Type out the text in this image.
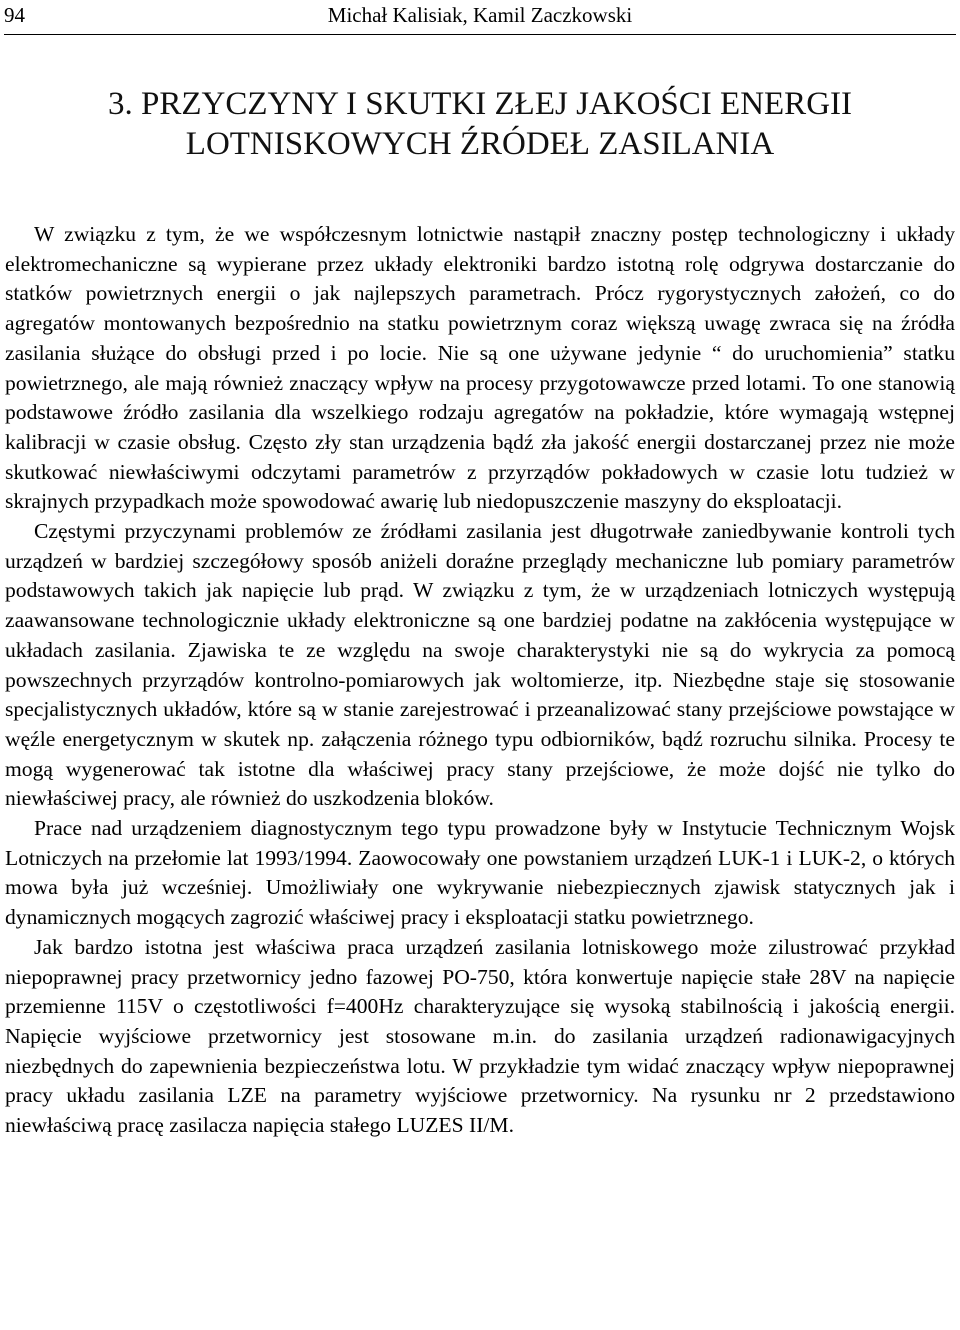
94	Michał Kalisiak, Kamil Zaczkowski
3. PRZYCZYNY I SKUTKI ZŁEJ JAKOŚCI ENERGII
LOTNISKOWYCH ŹRÓDEŁ ZASILANIA

W związku z tym, że we współczesnym lotnictwie nastąpił znaczny postęp technologiczny i układy elektromechaniczne są wypierane przez układy elektroniki bardzo istotną rolę odgrywa dostarczanie do statków powietrznych energii o jak najlepszych parametrach. Prócz rygorystycznych założeń, co do agregatów montowanych bezpośrednio na statku powietrznym coraz większą uwagę zwraca się na źródła zasilania służące do obsługi przed i po locie. Nie są one używane jedynie “ do uruchomienia” statku powietrznego, ale mają również znaczący wpływ na procesy przygotowawcze przed lotami. To one stanowią podstawowe źródło zasilania dla wszelkiego rodzaju agregatów na pokładzie, które wymagają wstępnej kalibracji w czasie obsług. Często zły stan urządzenia bądź zła jakość energii dostarczanej przez nie może skutkować niewłaściwymi odczytami parametrów z przyrządów pokładowych w czasie lotu tudzież w skrajnych przypadkach może spowodować awarię lub niedopuszczenie maszyny do eksploatacji.

Częstymi przyczynami problemów ze źródłami zasilania jest długotrwałe zaniedbywanie kontroli tych urządzeń w bardziej szczegółowy sposób aniżeli doraźne przeglądy mechaniczne lub pomiary parametrów podstawowych takich jak napięcie lub prąd. W związku z tym, że w urządzeniach lotniczych występują zaawansowane technologicznie układy elektroniczne są one bardziej podatne na zakłócenia występujące w układach zasilania. Zjawiska te ze względu na swoje charakterystyki nie są do wykrycia za pomocą powszechnych przyrządów kontrolno-pomiarowych jak woltomierze, itp. Niezbędne staje się stosowanie specjalistycznych układów, które są w stanie zarejestrować i przeanalizować stany przejściowe powstające w węźle energetycznym w skutek np. załączenia różnego typu odbiorników, bądź rozruchu silnika. Procesy te mogą wygenerować tak istotne dla właściwej pracy stany przejściowe, że może dojść nie tylko do niewłaściwej pracy, ale również do uszkodzenia bloków.

Prace nad urządzeniem diagnostycznym tego typu prowadzone były w Instytucie Technicznym Wojsk Lotniczych na przełomie lat 1993/1994. Zaowocowały one powstaniem urządzeń LUK-1 i LUK-2, o których mowa była już wcześniej. Umożliwiały one wykrywanie niebezpiecznych zjawisk statycznych jak i dynamicznych mogących zagrozić właściwej pracy i eksploatacji statku powietrznego.

Jak bardzo istotna jest właściwa praca urządzeń zasilania lotniskowego może zilustrować przykład niepoprawnej pracy przetwornicy jedno fazowej PO-750, która konwertuje napięcie stałe 28V na napięcie przemienne 115V o częstotliwości f=400Hz charakteryzujące się wysoką stabilnością i jakością energii. Napięcie wyjściowe przetwornicy jest stosowane m.in. do zasilania urządzeń radionawigacyjnych niezbędnych do zapewnienia bezpieczeństwa lotu. W przykładzie tym widać znaczący wpływ niepoprawnej pracy układu zasilania LZE na parametry wyjściowe przetwornicy. Na rysunku nr 2 przedstawiono niewłaściwą pracę zasilacza napięcia stałego LUZES II/M.
